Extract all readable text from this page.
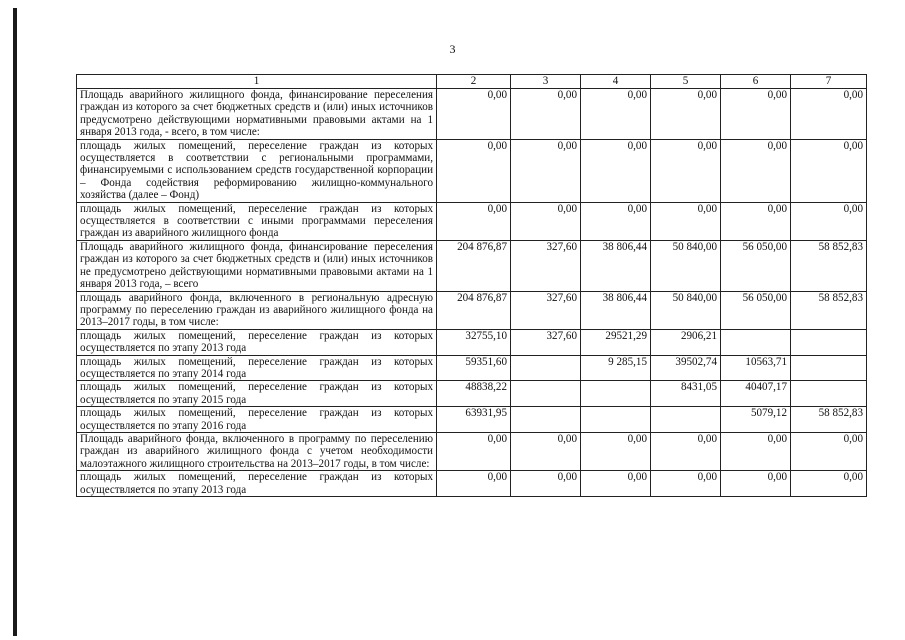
3
1	2	3	4	5	6	7
Площадь аварийного жилищного фонда, финансирование переселения граждан из которого за счет бюджетных средств и (или) иных источников предусмотрено действующими нормативными правовыми актами на 1 января 2013 года, - всего, в том числе:	0,00	0,00	0,00	0,00	0,00	0,00
площадь жилых помещений, переселение граждан из которых осуществляется в соответствии с региональными программами, финансируемыми с использованием средств государственной корпорации – Фонда содействия реформированию жилищно-коммунального хозяйства (далее – Фонд)	0,00	0,00	0,00	0,00	0,00	0,00
площадь жилых помещений, переселение граждан из которых осуществляется в соответствии с иными программами переселения граждан из аварийного жилищного фонда	0,00	0,00	0,00	0,00	0,00	0,00
Площадь аварийного жилищного фонда, финансирование переселения граждан из которого за счет бюджетных средств и (или) иных источников не предусмотрено действующими нормативными правовыми актами на 1 января 2013 года, – всего	204 876,87	327,60	38 806,44	50 840,00	56 050,00	58 852,83
площадь аварийного фонда, включенного в региональную адресную программу по переселению граждан из аварийного жилищного фонда на 2013–2017 годы, в том числе:	204 876,87	327,60	38 806,44	50 840,00	56 050,00	58 852,83
площадь жилых помещений, переселение граждан из которых осуществляется по этапу 2013 года	32755,10	327,60	29521,29	2906,21		
площадь жилых помещений, переселение граждан из которых осуществляется по этапу 2014 года	59351,60		9 285,15	39502,74	10563,71	
площадь жилых помещений, переселение граждан из которых осуществляется по этапу 2015 года	48838,22			8431,05	40407,17	
площадь жилых помещений, переселение граждан из которых осуществляется по этапу 2016 года	63931,95				5079,12	58 852,83
Площадь аварийного фонда, включенного в программу по переселению граждан из аварийного жилищного фонда с учетом необходимости малоэтажного жилищного строительства на 2013–2017 годы, в том числе:	0,00	0,00	0,00	0,00	0,00	0,00
площадь жилых помещений, переселение граждан из которых осуществляется по этапу 2013 года	0,00	0,00	0,00	0,00	0,00	0,00
